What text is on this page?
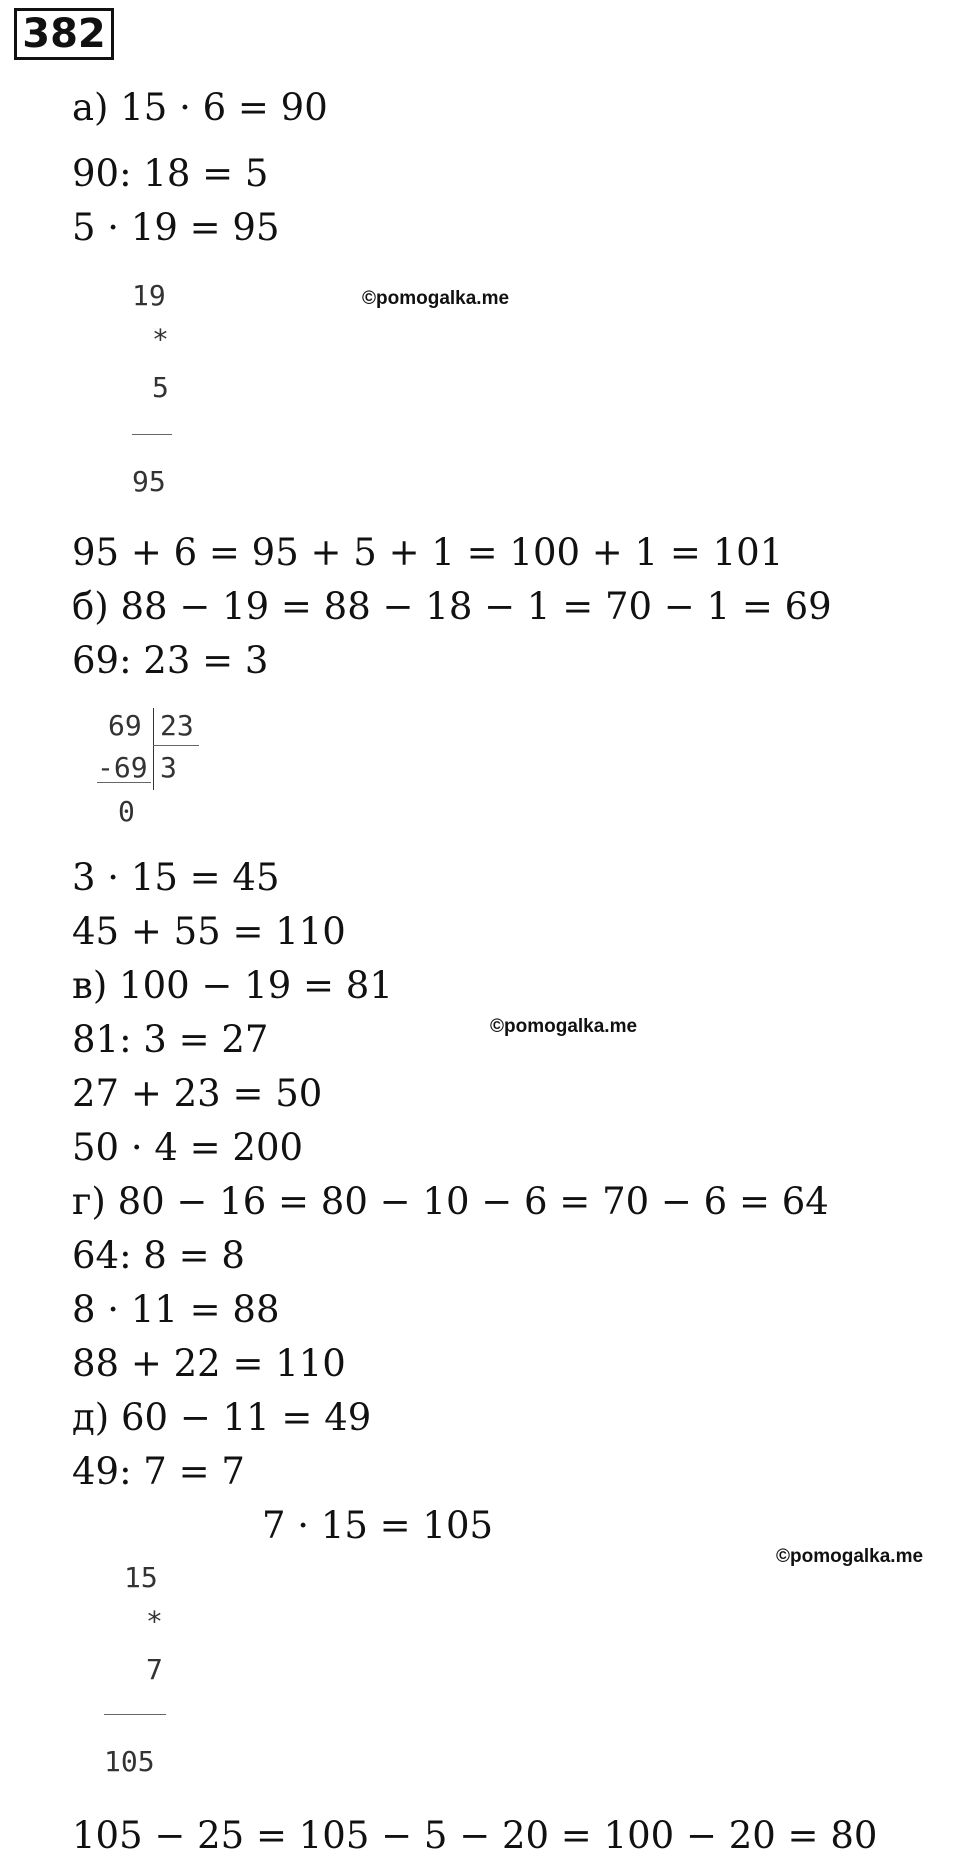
382
а) 15 · 6 = 90
90: 18 = 5
5 · 19 = 95
19
*
5
95
©pomogalka.me
95 + 6 = 95 + 5 + 1 = 100 + 1 = 101
б) 88 − 19 = 88 − 18 − 1 = 70 − 1 = 69
69: 23 = 3
69 23
-69 3
0
3 · 15 = 45
45 + 55 = 110
в) 100 − 19 = 81
81: 3 = 27
27 + 23 = 50
50 · 4 = 200
©pomogalka.me
г) 80 − 16 = 80 − 10 − 6 = 70 − 6 = 64
64: 8 = 8
8 · 11 = 88
88 + 22 = 110
д) 60 − 11 = 49
49: 7 = 7
7 · 15 = 105
©pomogalka.me
15
*
7
105
105 − 25 = 105 − 5 − 20 = 100 − 20 = 80
